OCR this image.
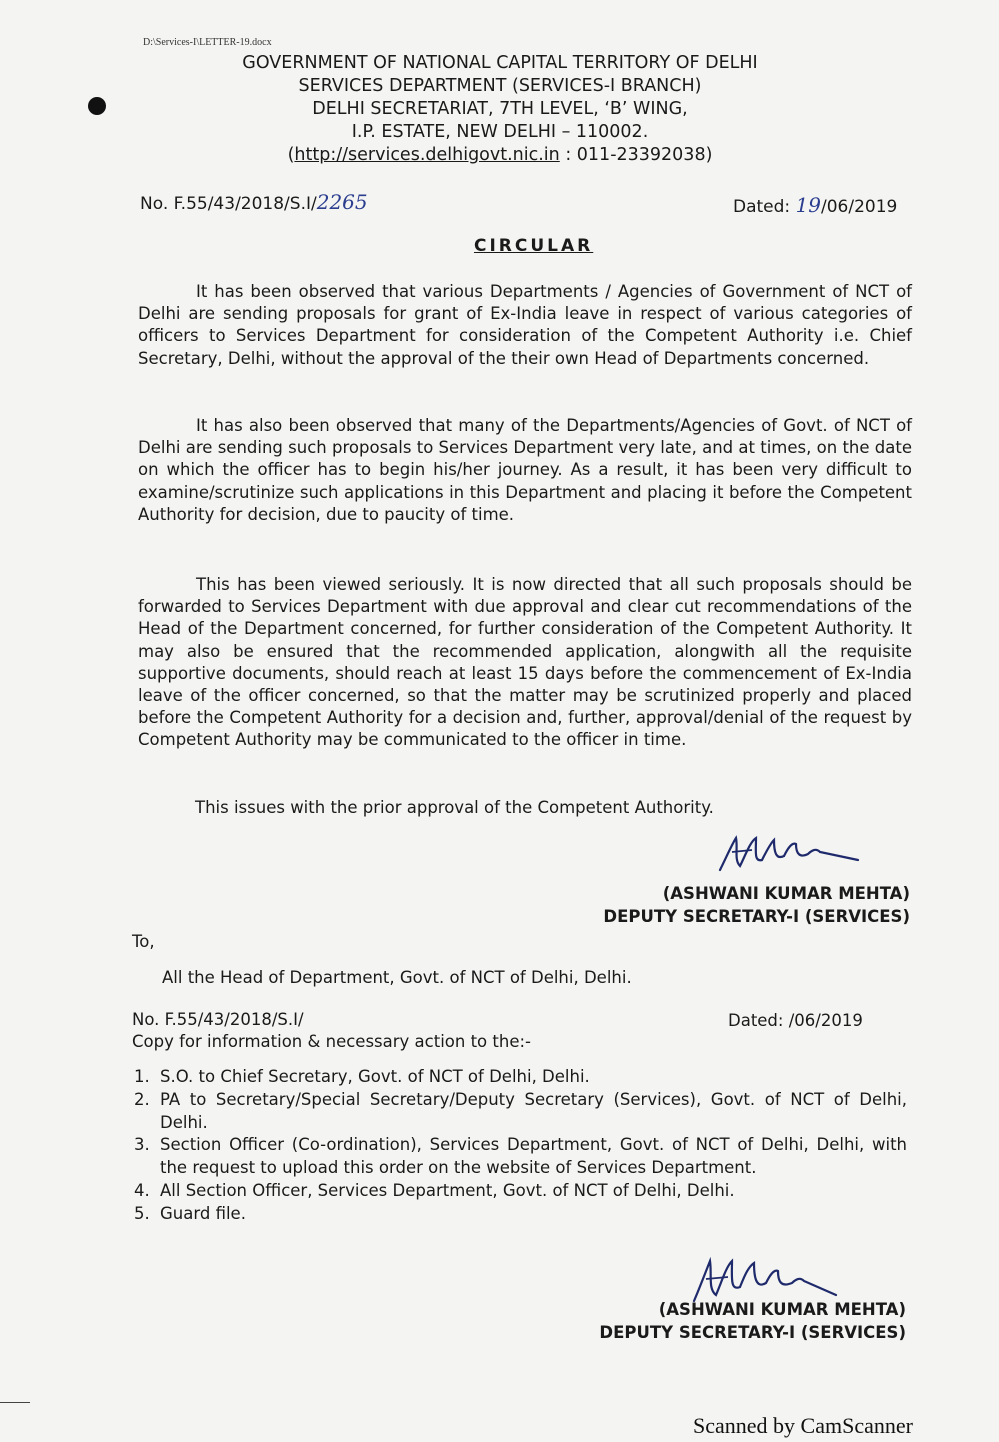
D:\Services-I\LETTER-19.docx
GOVERNMENT OF NATIONAL CAPITAL TERRITORY OF DELHI
SERVICES DEPARTMENT (SERVICES-I BRANCH)
DELHI SECRETARIAT, 7TH LEVEL, ‘B’ WING,
I.P. ESTATE, NEW DELHI – 110002.
(http://services.delhigovt.nic.in : 011-23392038)
No. F.55/43/2018/S.I/2265	Dated: 19/06/2019
CIRCULAR

It has been observed that various Departments / Agencies of Government of NCT of Delhi are sending proposals for grant of Ex-India leave in respect of various categories of officers to Services Department for consideration of the Competent Authority i.e. Chief Secretary, Delhi, without the approval of the their own Head of Departments concerned.

It has also been observed that many of the Departments/Agencies of Govt. of NCT of Delhi are sending such proposals to Services Department very late, and at times, on the date on which the officer has to begin his/her journey. As a result, it has been very difficult to examine/scrutinize such applications in this Department and placing it before the Competent Authority for decision, due to paucity of time.

This has been viewed seriously. It is now directed that all such proposals should be forwarded to Services Department with due approval and clear cut recommendations of the Head of the Department concerned, for further consideration of the Competent Authority. It may also be ensured that the recommended application, alongwith all the requisite supportive documents, should reach at least 15 days before the commencement of Ex-India leave of the officer concerned, so that the matter may be scrutinized properly and placed before the Competent Authority for a decision and, further, approval/denial of the request by Competent Authority may be communicated to the officer in time.

This issues with the prior approval of the Competent Authority.
(ASHWANI KUMAR MEHTA)
DEPUTY SECRETARY-I (SERVICES)
To,
All the Head of Department, Govt. of NCT of Delhi, Delhi.
No. F.55/43/2018/S.I/	Dated: /06/2019
Copy for information & necessary action to the:-
1. S.O. to Chief Secretary, Govt. of NCT of Delhi, Delhi.
2. PA to Secretary/Special Secretary/Deputy Secretary (Services), Govt. of NCT of Delhi, Delhi.
3. Section Officer (Co-ordination), Services Department, Govt. of NCT of Delhi, Delhi, with the request to upload this order on the website of Services Department.
4. All Section Officer, Services Department, Govt. of NCT of Delhi, Delhi.
5. Guard file.
(ASHWANI KUMAR MEHTA)
DEPUTY SECRETARY-I (SERVICES)
Scanned by CamScanner
